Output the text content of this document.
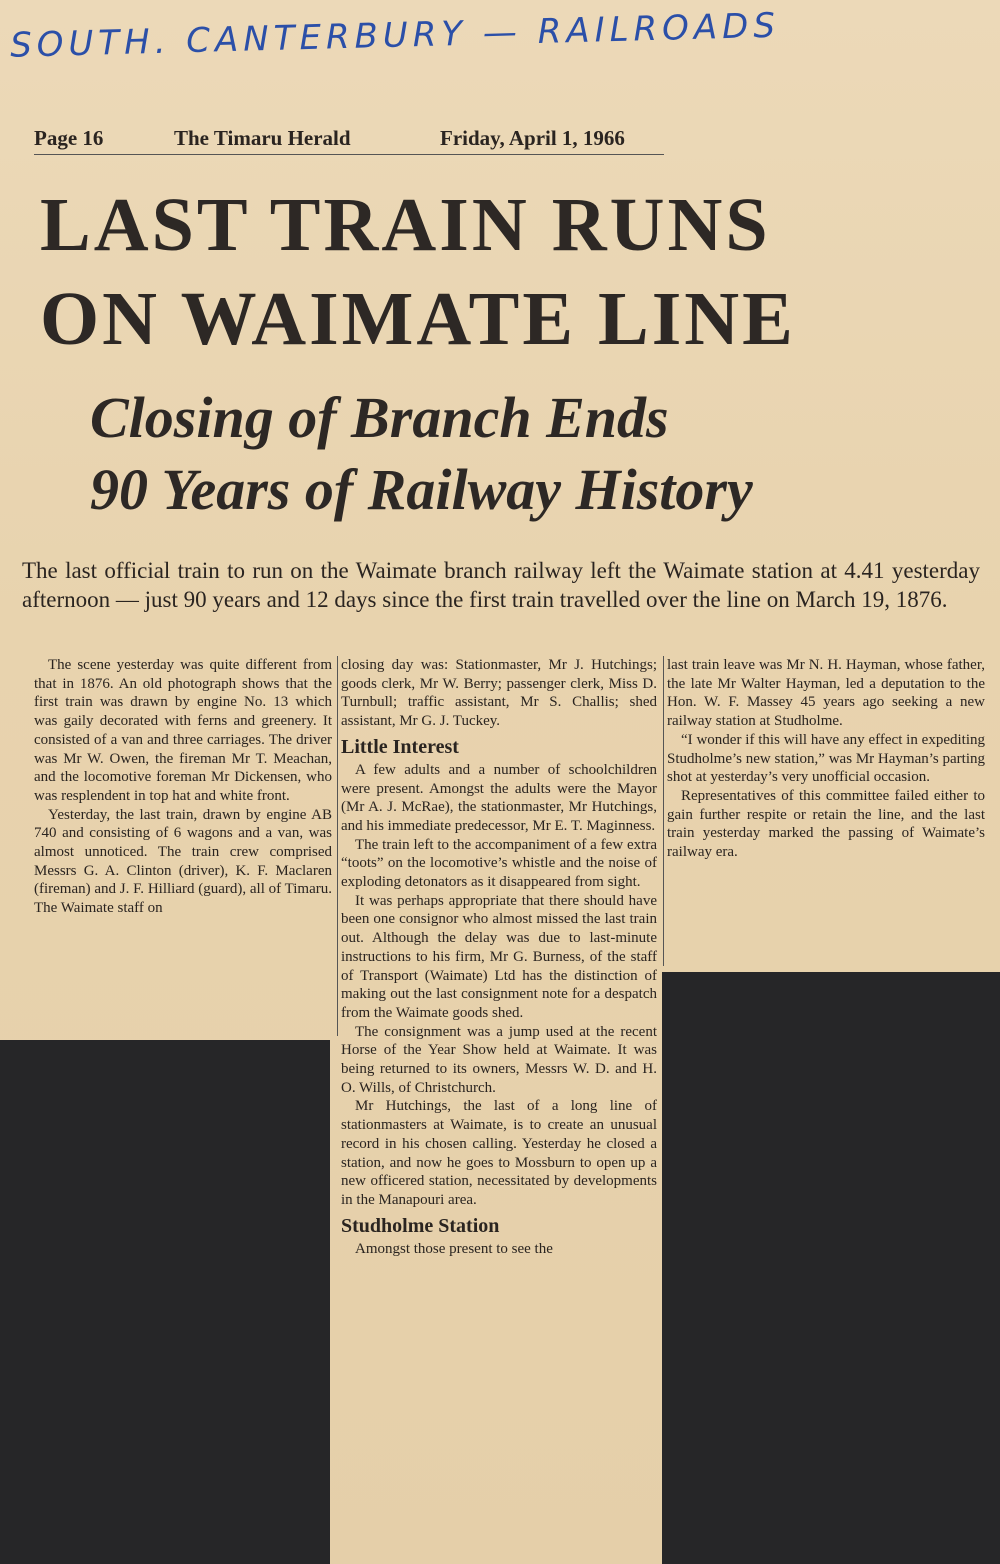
SOUTH. CANTERBURY — RAILROADS
Page 16	The Timaru Herald	Friday, April 1, 1966
LAST TRAIN RUNS
ON WAIMATE LINE
Closing of Branch Ends
90 Years of Railway History
The last official train to run on the Waimate branch railway left the Waimate station at 4.41 yesterday afternoon — just 90 years and 12 days since the first train travelled over the line on March 19, 1876.

The scene yesterday was quite different from that in 1876. An old photograph shows that the first train was drawn by engine No. 13 which was gaily decorated with ferns and greenery. It consisted of a van and three carriages. The driver was Mr W. Owen, the fireman Mr T. Meachan, and the locomotive foreman Mr Dickensen, who was resplendent in top hat and white front.

Yesterday, the last train, drawn by engine AB 740 and consisting of 6 wagons and a van, was almost unnoticed. The train crew comprised Messrs G. A. Clinton (driver), K. F. Maclaren (fireman) and J. F. Hilliard (guard), all of Timaru. The Waimate staff on

closing day was: Stationmaster, Mr J. Hutchings; goods clerk, Mr W. Berry; passenger clerk, Miss D. Turnbull; traffic assistant, Mr S. Challis; shed assistant, Mr G. J. Tuckey.

Little Interest

A few adults and a number of schoolchildren were present. Amongst the adults were the Mayor (Mr A. J. McRae), the stationmaster, Mr Hutchings, and his immediate predecessor, Mr E. T. Maginness.

The train left to the accompaniment of a few extra “toots” on the locomotive’s whistle and the noise of exploding detonators as it disappeared from sight.

It was perhaps appropriate that there should have been one consignor who almost missed the last train out. Although the delay was due to last-minute instructions to his firm, Mr G. Burness, of the staff of Transport (Waimate) Ltd has the distinction of making out the last consignment note for a despatch from the Waimate goods shed.

The consignment was a jump used at the recent Horse of the Year Show held at Waimate. It was being returned to its owners, Messrs W. D. and H. O. Wills, of Christchurch.

Mr Hutchings, the last of a long line of stationmasters at Waimate, is to create an unusual record in his chosen calling. Yesterday he closed a station, and now he goes to Mossburn to open up a new officered station, necessitated by developments in the Manapouri area.

Studholme Station

Amongst those present to see the

last train leave was Mr N. H. Hayman, whose father, the late Mr Walter Hayman, led a deputation to the Hon. W. F. Massey 45 years ago seeking a new railway station at Studholme.

“I wonder if this will have any effect in expediting Studholme’s new station,” was Mr Hayman’s parting shot at yesterday’s very unofficial occasion.

Representatives of this committee failed either to gain further respite or retain the line, and the last train yesterday marked the passing of Waimate’s railway era.
